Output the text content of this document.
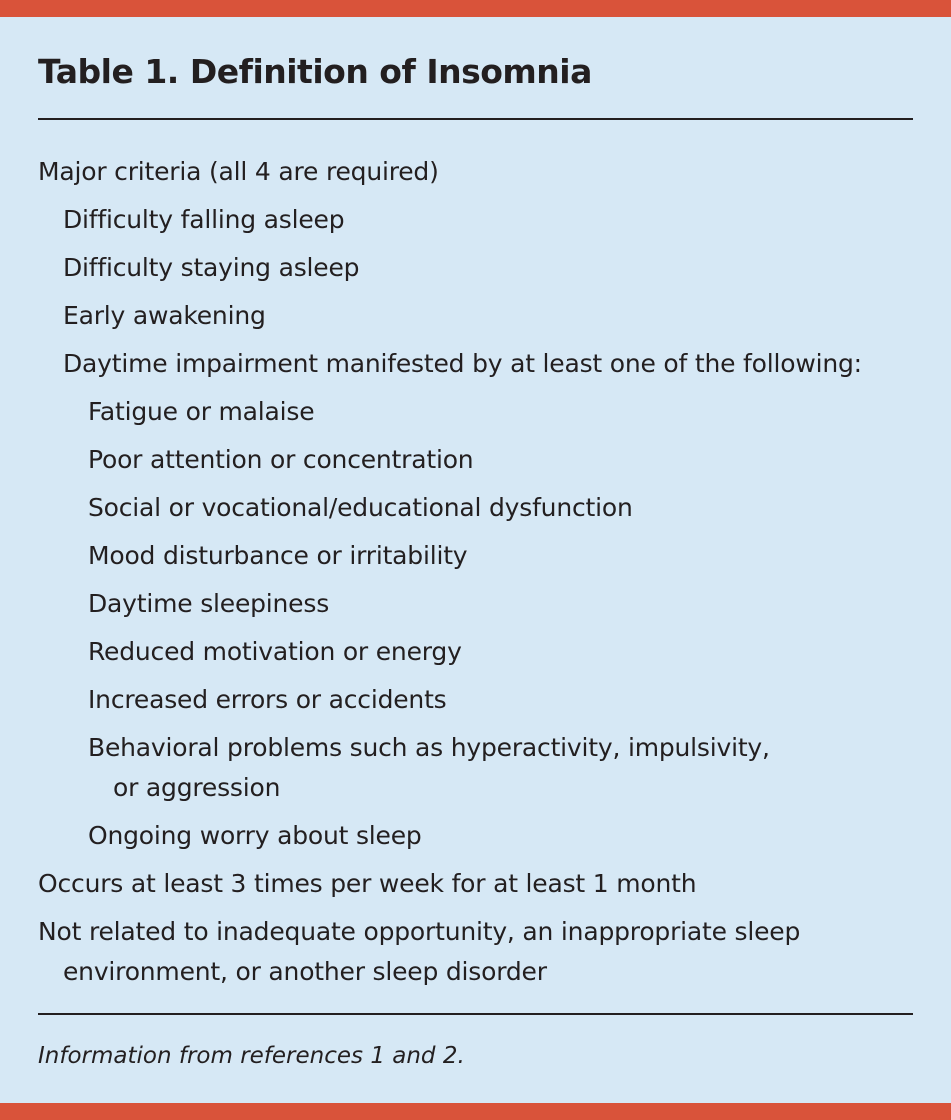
Table 1. Definition of Insomnia
Major criteria (all 4 are required)
Difficulty falling asleep
Difficulty staying asleep
Early awakening
Daytime impairment manifested by at least one of the following:
Fatigue or malaise
Poor attention or concentration
Social or vocational/educational dysfunction
Mood disturbance or irritability
Daytime sleepiness
Reduced motivation or energy
Increased errors or accidents
Behavioral problems such as hyperactivity, impulsivity,
or aggression
Ongoing worry about sleep
Occurs at least 3 times per week for at least 1 month
Not related to inadequate opportunity, an inappropriate sleep
environment, or another sleep disorder
Information from references 1 and 2.
